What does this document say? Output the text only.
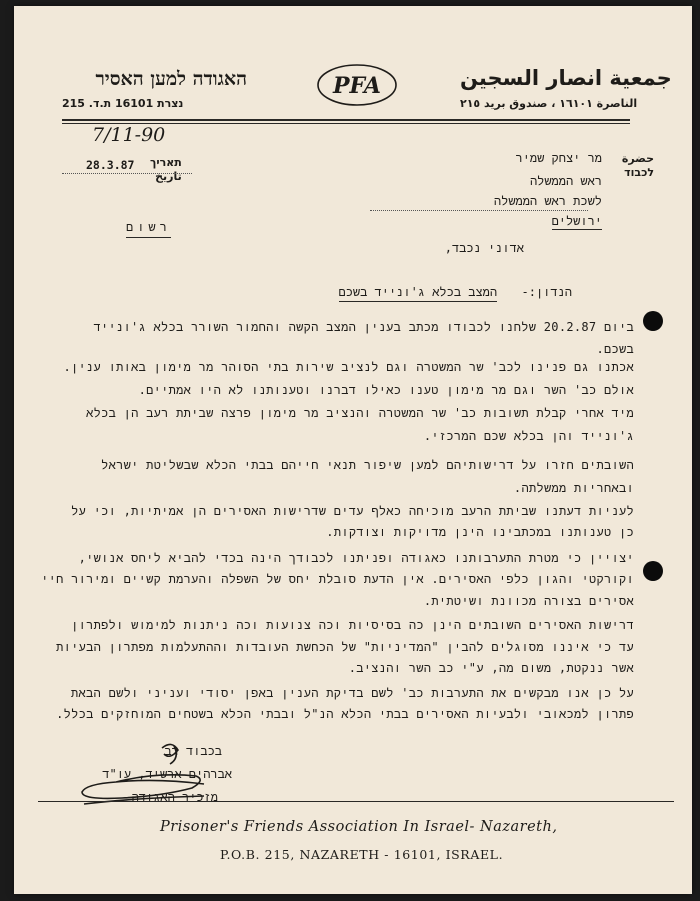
האגודה למען האסיר	جمعية انصار السجين
PFA
נצרת 16101 ת.ד. 215	الناصرة ١٦١٠١ ، صندوق بريد ٢١٥
7/11-90
حضرة
לכבוד
מר יצחק שמיר
ראש הממשלה
לשכת ראש הממשלה
ירושלים
28.3.87 תאריך
تاريخ
רשום
אדוני נכבד,
הנדון:-  המצב בכלא ג'ונייד בשכם
ביום 20.2.87 שלחנו לכבודו מכתב בענין המצב הקשה והחמור השורר בכלא ג'ונייד
בשכם.
אכתנו גם פנינו לכב' שר המשטרה וגם לנציב שירות בתי הסוהר מר מימון באותו ענין.
אולם כב' השר וגם מר מימון טענו כאילו דברנו וטענותנו לא היו אמתיים.
מיד אחרי קבלת תשובות כב' שר המשטרה והנציב מר מימון פרצה שביתת רעב הן בכלא
ג'ונייד והן בכלא שכם המרכזי.
השובתים חזרו על דרישותיהם למען שיפור תנאי חייהם בבתי הכלא שבשליטת ישראל
ובאחריות ממשלתה.
לעניות דעתנו שביתת הרעב מוכיחה כאלף עדים שדרישות האסירים הן אמיתיות, וכי על
כן טענותנו במכתבינו הינן מדויקות וצודקות.
יצויין כי מטרת התערבותנו כאגודה ופניתנו לכבודך הינה בכדי להביא ליחס אנושי,
וקורקטי והגון כלפי האסירים. אין הדעת סובלת יחס של השפלה והערמת קשיים ומירור חיי
אסירים בצורה מכוונת ושיטתית.
דרישות האסירים השובתים הינן כה בסיסיות וכה צנועות וכה ניתנות למימוש ולפתרון
עד כי איננו מסוגלים להבין "המדיניות" של הכחשת העובדות וההתעלמות מפתרון הבעיות
אשר ננקטת, משום מה, ע"י כב השר והנציב.
על כן אנו מבקשים את התערבות כב' לשם בדיקת הענין באפן יסודי ועניני ולשם הבאת
פתרון למכאובי ולבעיות האסירים בבתי הכלא הנ"ל ובבתי הכלא בשטחים המוחזקים בכלל.
בכבוד רב
אברהים ארשיד, עו"ד
מזכיר האגודה
Prisoner's Friends Association In Israel- Nazareth,
P.O.B. 215, NAZARETH - 16101, ISRAEL.
